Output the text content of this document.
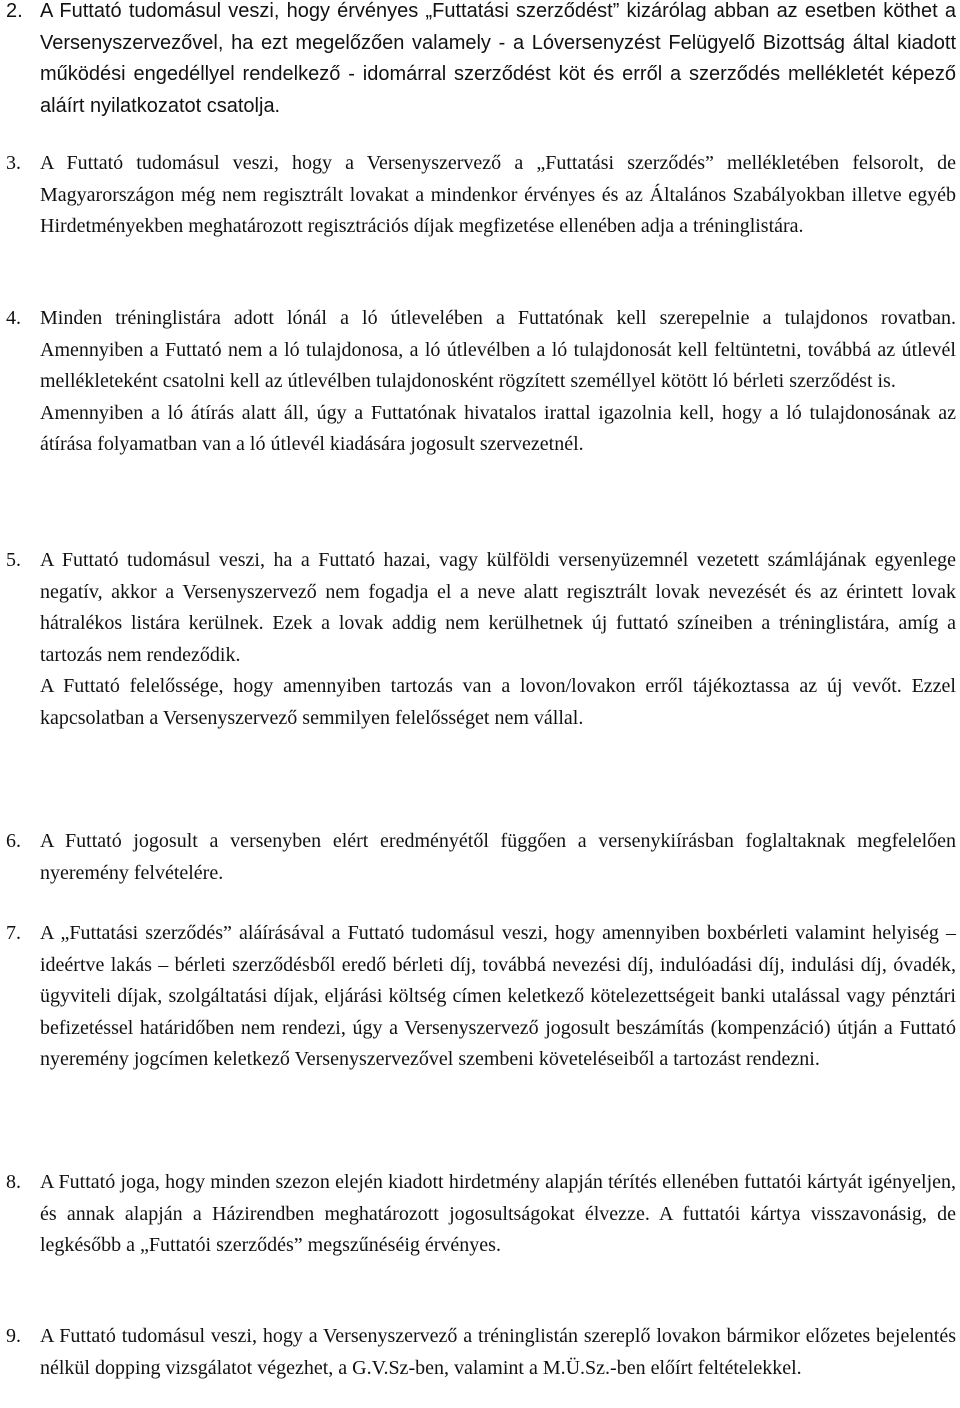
2. A Futtató tudomásul veszi, hogy érvényes „Futtatási szerződést” kizárólag abban az esetben köthet a Versenyszervezővel, ha ezt megelőzően valamely - a Lóversenyzést Felügyelő Bizottság által kiadott működési engedéllyel rendelkező - idomárral szerződést köt és erről a szerződés mellékletét képező aláírt nyilatkozatot csatolja.

3. A Futtató tudomásul veszi, hogy a Versenyszervező a „Futtatási szerződés” mellékletében felsorolt, de Magyarországon még nem regisztrált lovakat a mindenkor érvényes és az Általános Szabályokban illetve egyéb Hirdetményekben meghatározott regisztrációs díjak megfizetése ellenében adja a tréninglistára.

4. Minden tréninglistára adott lónál a ló útlevelében a Futtatónak kell szerepelnie a tulajdonos rovatban. Amennyiben a Futtató nem a ló tulajdonosa, a ló útlevélben a ló tulajdonosát kell feltüntetni, továbbá az útlevél mellékleteként csatolni kell az útlevélben tulajdonosként rögzített személlyel kötött ló bérleti szerződést is.

Amennyiben a ló átírás alatt áll, úgy a Futtatónak hivatalos irattal igazolnia kell, hogy a ló tulajdonosának az átírása folyamatban van a ló útlevél kiadására jogosult szervezetnél.

5. A Futtató tudomásul veszi, ha a Futtató hazai, vagy külföldi versenyüzemnél vezetett számlájának egyenlege negatív, akkor a Versenyszervező nem fogadja el a neve alatt regisztrált lovak nevezését és az érintett lovak hátralékos listára kerülnek. Ezek a lovak addig nem kerülhetnek új futtató színeiben a tréninglistára, amíg a tartozás nem rendeződik.

A Futtató felelőssége, hogy amennyiben tartozás van a lovon/lovakon erről tájékoztassa az új vevőt. Ezzel kapcsolatban a Versenyszervező semmilyen felelősséget nem vállal.

6. A Futtató jogosult a versenyben elért eredményétől függően a versenykiírásban foglaltaknak megfelelően nyeremény felvételére.

7. A „Futtatási szerződés” aláírásával a Futtató tudomásul veszi, hogy amennyiben boxbérleti valamint helyiség – ideértve lakás – bérleti szerződésből eredő bérleti díj, továbbá nevezési díj, indulóadási díj, indulási díj, óvadék, ügyviteli díjak, szolgáltatási díjak, eljárási költség címen keletkező kötelezettségeit banki utalással vagy pénztári befizetéssel határidőben nem rendezi, úgy a Versenyszervező jogosult beszámítás (kompenzáció) útján a Futtató nyeremény jogcímen keletkező Versenyszervezővel szembeni követeléseiből a tartozást rendezni.

8. A Futtató joga, hogy minden szezon elején kiadott hirdetmény alapján térítés ellenében futtatói kártyát igényeljen, és annak alapján a Házirendben meghatározott jogosultságokat élvezze. A futtatói kártya visszavonásig, de legkésőbb a „Futtatói szerződés” megszűnéséig érvényes.

9. A Futtató tudomásul veszi, hogy a Versenyszervező a tréninglistán szereplő lovakon bármikor előzetes bejelentés nélkül dopping vizsgálatot végezhet, a G.V.Sz-ben, valamint a M.Ü.Sz.-ben előírt feltételekkel.
